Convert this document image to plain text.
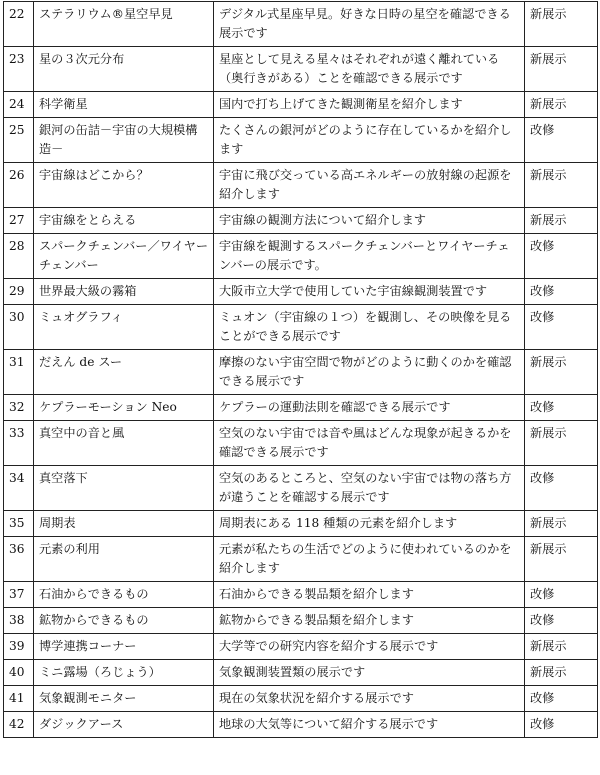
22	ステラリウム®星空早見	デジタル式星座早見。好きな日時の星空を確認できる展示です	新展示
23	星の３次元分布	星座として見える星々はそれぞれが遠く離れている（奥行きがある）ことを確認できる展示です	新展示
24	科学衛星	国内で打ち上げてきた観測衛星を紹介します	新展示
25	銀河の缶詰－宇宙の大規模構造－	たくさんの銀河がどのように存在しているかを紹介します	改修
26	宇宙線はどこから？	宇宙に飛び交っている高エネルギーの放射線の起源を紹介します	新展示
27	宇宙線をとらえる	宇宙線の観測方法について紹介します	新展示
28	スパークチェンバー／ワイヤーチェンバー	宇宙線を観測するスパークチェンバーとワイヤーチェンバーの展示です。	改修
29	世界最大級の霧箱	大阪市立大学で使用していた宇宙線観測装置です	改修
30	ミュオグラフィ	ミュオン（宇宙線の１つ）を観測し、その映像を見ることができる展示です	改修
31	だえん de スー	摩擦のない宇宙空間で物がどのように動くのかを確認できる展示です	新展示
32	ケプラーモーション Neo	ケプラーの運動法則を確認できる展示です	改修
33	真空中の音と風	空気のない宇宙では音や風はどんな現象が起きるかを確認できる展示です	新展示
34	真空落下	空気のあるところと、空気のない宇宙では物の落ち方が違うことを確認する展示です	改修
35	周期表	周期表にある 118 種類の元素を紹介します	新展示
36	元素の利用	元素が私たちの生活でどのように使われているのかを紹介します	新展示
37	石油からできるもの	石油からできる製品類を紹介します	改修
38	鉱物からできるもの	鉱物からできる製品類を紹介します	改修
39	博学連携コーナー	大学等での研究内容を紹介する展示です	新展示
40	ミニ露場（ろじょう）	気象観測装置類の展示です	新展示
41	気象観測モニター	現在の気象状況を紹介する展示です	改修
42	ダジックアース	地球の大気等について紹介する展示です	改修
